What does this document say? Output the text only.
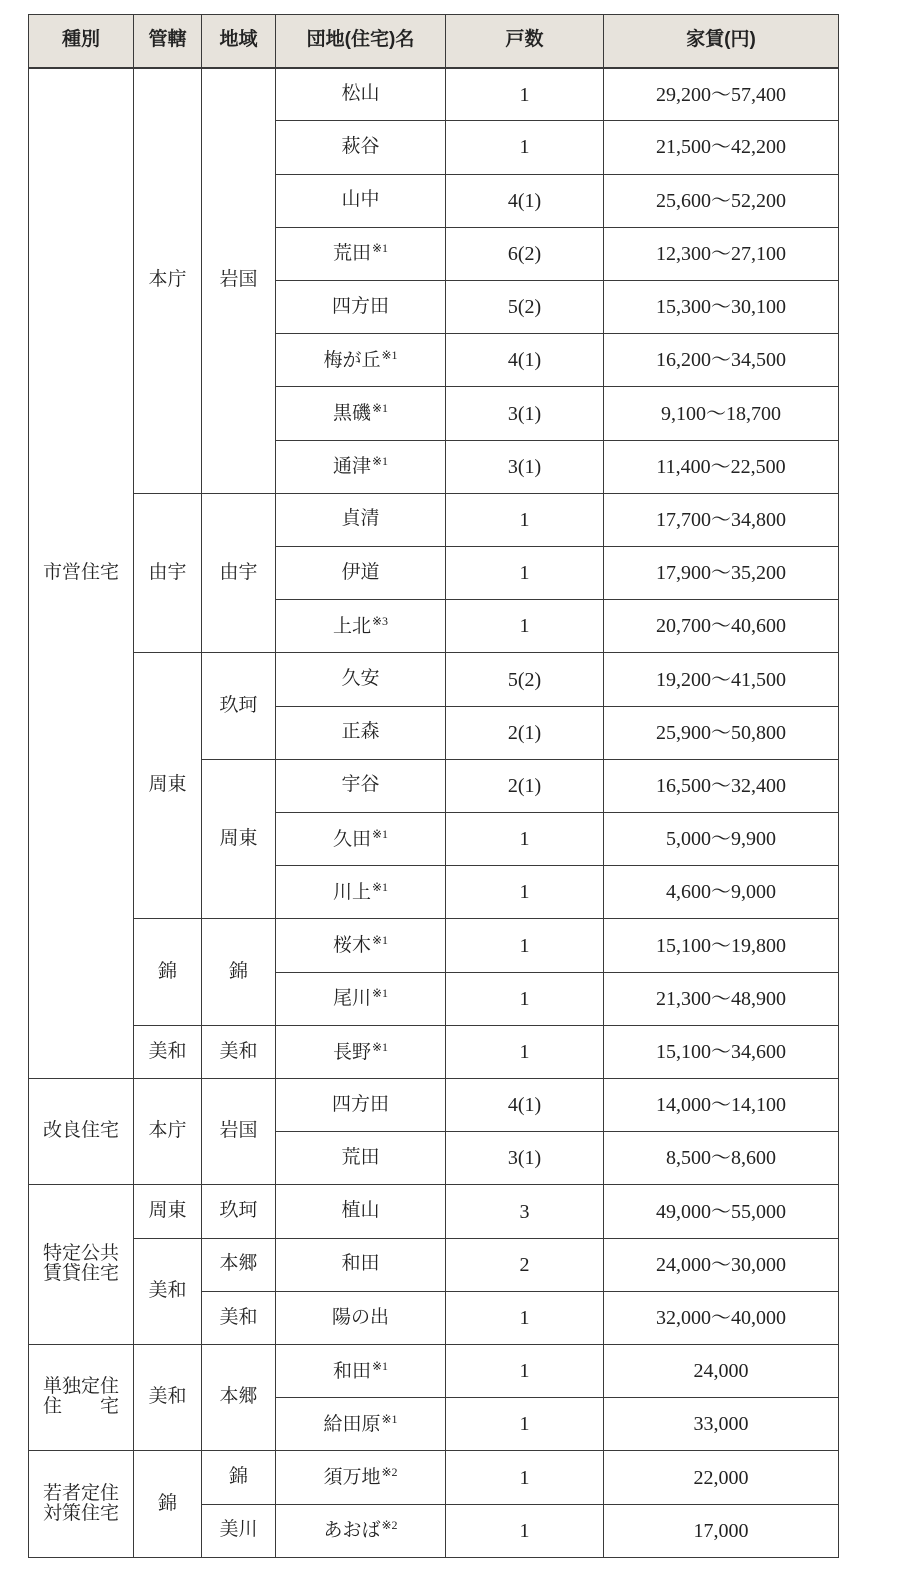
種別	管轄	地域	団地(住宅)名	戸数	家賃(円)

市営住宅	本庁	岩国	松山	1	29,200～57,400
			萩谷	1	21,500～42,200
			山中	4(1)	25,600～52,200
			荒田$^{※1}$	6(2)	12,300～27,100
			四方田	5(2)	15,300～30,100
			梅が丘$^{※1}$	4(1)	16,200～34,500
			黒磯$^{※1}$	3(1)	9,100～18,700
			通津$^{※1}$	3(1)	11,400～22,500
	由宇	由宇	貞清	1	17,700～34,800
			伊道	1	17,900～35,200
			上北$^{※3}$	1	20,700～40,600
	周東	玖珂	久安	5(2)	19,200～41,500
			正森	2(1)	25,900～50,800
		周東	宇谷	2(1)	16,500～32,400
			久田$^{※1}$	1	5,000～9,900
			川上$^{※1}$	1	4,600～9,000
	錦	錦	桜木$^{※1}$	1	15,100～19,800
			尾川$^{※1}$	1	21,300～48,900
	美和	美和	長野$^{※1}$	1	15,100～34,600

改良住宅	本庁	岩国	四方田	4(1)	14,000～14,100
			荒田	3(1)	8,500～8,600

特定公共
賃貸住宅	周東	玖珂	植山	3	49,000～55,000
	美和	本郷	和田	2	24,000～30,000
		美和	陽の出	1	32,000～40,000

単独定住
住宅	美和	本郷	和田$^{※1}$	1	24,000
			給田原$^{※1}$	1	33,000

若者定住
対策住宅	錦	錦	須万地$^{※2}$	1	22,000
		美川	あおば$^{※2}$	1	17,000
